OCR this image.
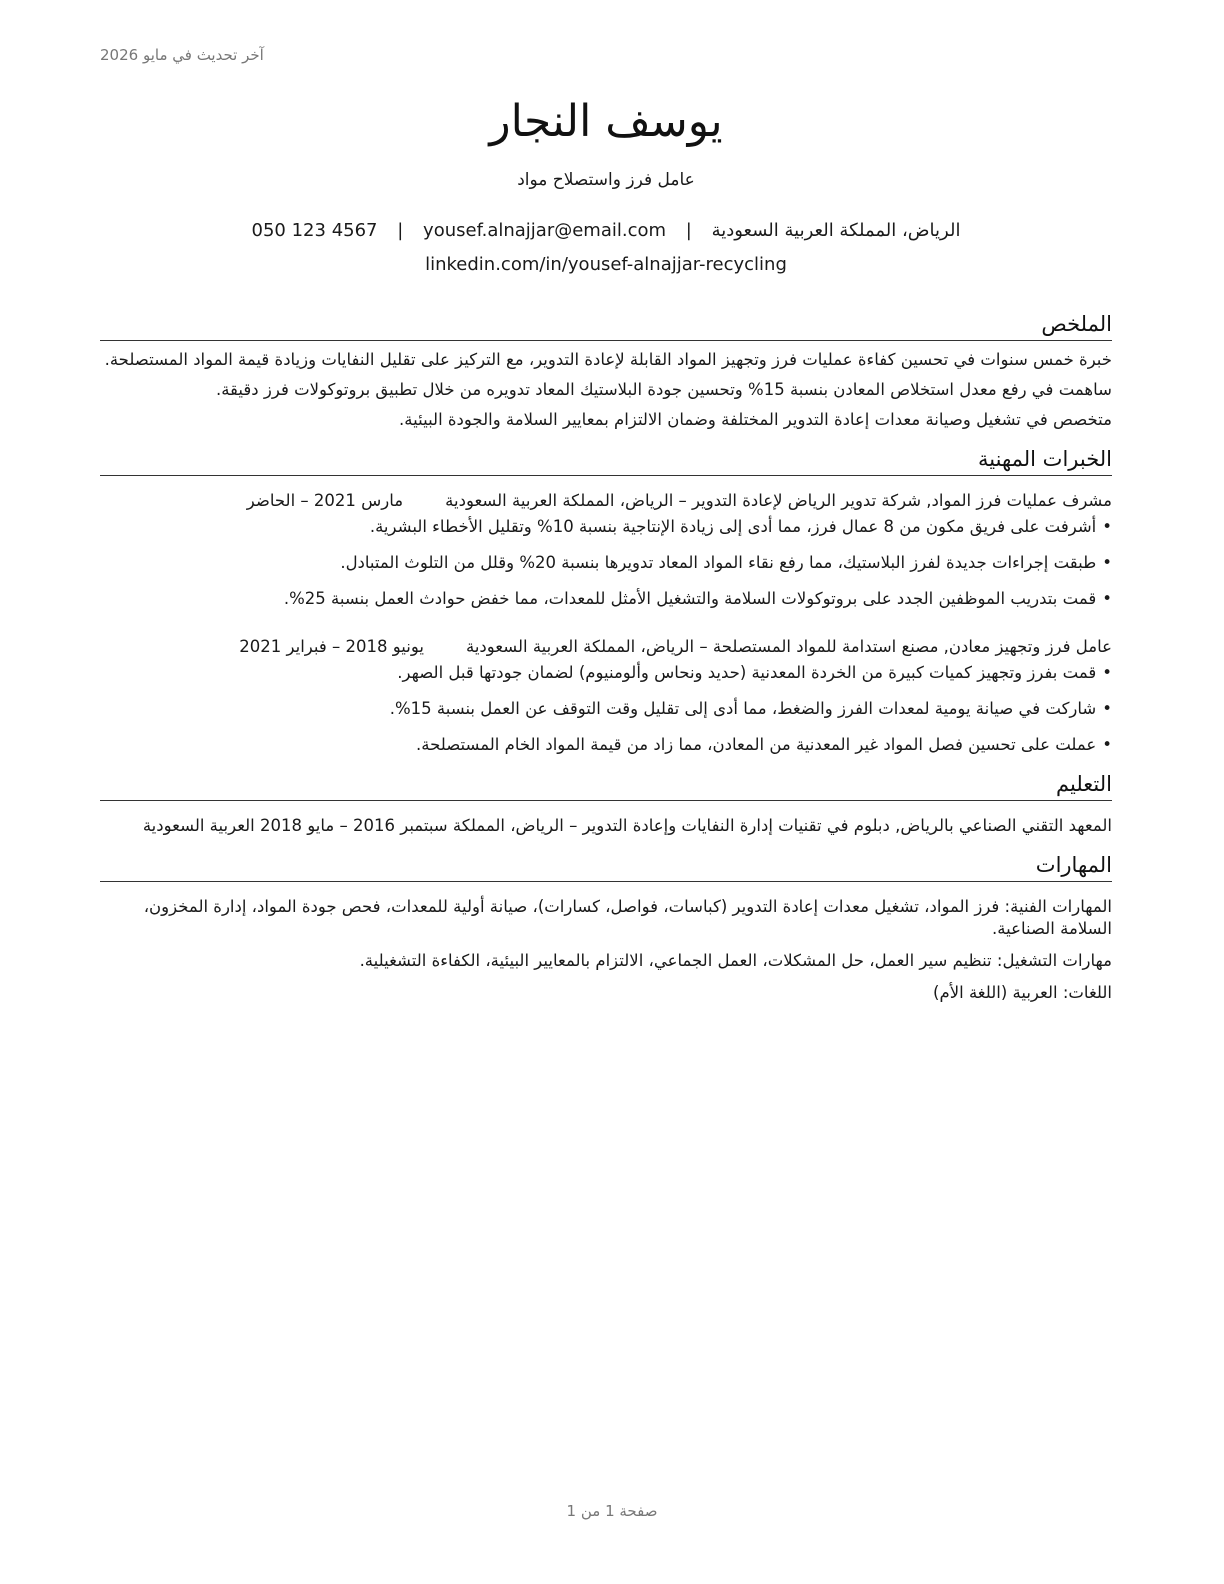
آخر تحديث في مايو 2026
يوسف النجار
عامل فرز واستصلاح مواد
الرياض، المملكة العربية السعودية | yousef.alnajjar@email.com | 050 123 4567
linkedin.com/in/yousef-alnajjar-recycling
الملخص

خبرة خمس سنوات في تحسين كفاءة عمليات فرز وتجهيز المواد القابلة لإعادة التدوير، مع التركيز على تقليل النفايات وزيادة قيمة المواد المستصلحة.

ساهمت في رفع معدل استخلاص المعادن بنسبة 15% وتحسين جودة البلاستيك المعاد تدويره من خلال تطبيق بروتوكولات فرز دقيقة.

متخصص في تشغيل وصيانة معدات إعادة التدوير المختلفة وضمان الالتزام بمعايير السلامة والجودة البيئية.

الخبرات المهنية
مشرف عمليات فرز المواد, شركة تدوير الرياض لإعادة التدوير – الرياض، المملكة العربية السعودية
مارس 2021 – الحاضر
•أشرفت على فريق مكون من 8 عمال فرز، مما أدى إلى زيادة الإنتاجية بنسبة 10% وتقليل الأخطاء البشرية.
•طبقت إجراءات جديدة لفرز البلاستيك، مما رفع نقاء المواد المعاد تدويرها بنسبة 20% وقلل من التلوث المتبادل.
•قمت بتدريب الموظفين الجدد على بروتوكولات السلامة والتشغيل الأمثل للمعدات، مما خفض حوادث العمل بنسبة 25%.
عامل فرز وتجهيز معادن, مصنع استدامة للمواد المستصلحة – الرياض، المملكة العربية السعودية
يونيو 2018 – فبراير 2021
•قمت بفرز وتجهيز كميات كبيرة من الخردة المعدنية (حديد ونحاس وألومنيوم) لضمان جودتها قبل الصهر.
•شاركت في صيانة يومية لمعدات الفرز والضغط، مما أدى إلى تقليل وقت التوقف عن العمل بنسبة 15%.
•عملت على تحسين فصل المواد غير المعدنية من المعادن، مما زاد من قيمة المواد الخام المستصلحة.
التعليم
المعهد التقني الصناعي بالرياض, دبلوم في تقنيات إدارة النفايات وإعادة التدوير – الرياض، المملكة سبتمبر 2016 – مايو 2018 العربية السعودية
المهارات
المهارات الفنية: فرز المواد، تشغيل معدات إعادة التدوير (كباسات، فواصل، كسارات)، صيانة أولية للمعدات، فحص جودة المواد، إدارة المخزون، السلامة الصناعية.
مهارات التشغيل: تنظيم سير العمل، حل المشكلات، العمل الجماعي، الالتزام بالمعايير البيئية، الكفاءة التشغيلية.
اللغات: العربية (اللغة الأم)
صفحة 1 من 1
